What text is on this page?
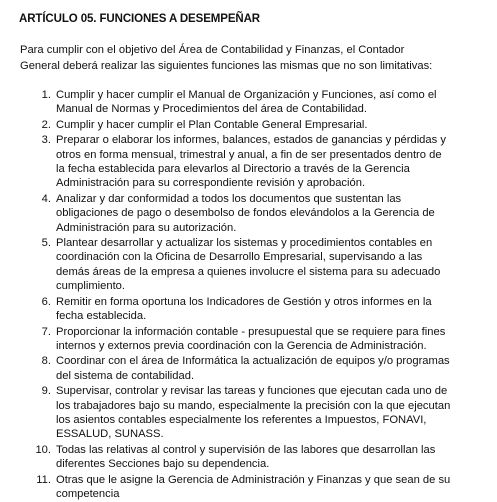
ARTÍCULO 05. FUNCIONES A DESEMPEÑAR
Para cumplir con el objetivo del Área de Contabilidad y Finanzas, el Contador
General deberá realizar las siguientes funciones las mismas que no son limitativas:
1. Cumplir y hacer cumplir el Manual de Organización y Funciones, así como el
Manual de Normas y Procedimientos del área de Contabilidad.
2. Cumplir y hacer cumplir el Plan Contable General Empresarial.
3. Preparar o elaborar los informes, balances, estados de ganancias y pérdidas y
otros en forma mensual, trimestral y anual, a fin de ser presentados dentro de
la fecha establecida para elevarlos al Directorio a través de la Gerencia
Administración para su correspondiente revisión y aprobación.
4. Analizar y dar conformidad a todos los documentos que sustentan las
obligaciones de pago o desembolso de fondos elevándolos a la Gerencia de
Administración para su autorización.
5. Plantear desarrollar y actualizar los sistemas y procedimientos contables en
coordinación con la Oficina de Desarrollo Empresarial, supervisando a las
demás áreas de la empresa a quienes involucre el sistema para su adecuado
cumplimiento.
6. Remitir en forma oportuna los Indicadores de Gestión y otros informes en la
fecha establecida.
7. Proporcionar la información contable - presupuestal que se requiere para fines
internos y externos previa coordinación con la Gerencia de Administración.
8. Coordinar con el área de Informática la actualización de equipos y/o programas
del sistema de contabilidad.
9. Supervisar, controlar y revisar las tareas y funciones que ejecutan cada uno de
los trabajadores bajo su mando, especialmente la precisión con la que ejecutan
los asientos contables especialmente los referentes a Impuestos, FONAVI,
ESSALUD, SUNASS.
10. Todas las relativas al control y supervisión de las labores que desarrollan las
diferentes Secciones bajo su dependencia.
11. Otras que le asigne la Gerencia de Administración y Finanzas y que sean de su
competencia
